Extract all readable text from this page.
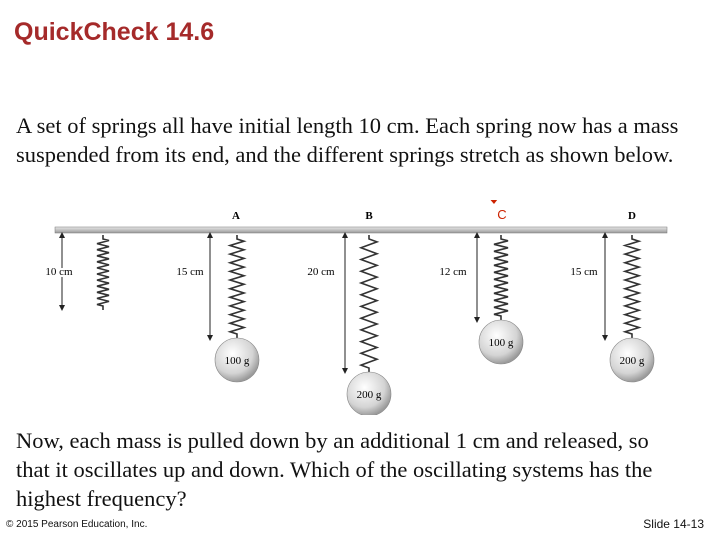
QuickCheck 14.6
A set of springs all have initial length 10 cm. Each spring now has a mass suspended from its end, and the different springs stretch as shown below.
A	B	D
C
10 cm	15 cm
100 g
20 cm
200 g
12 cm
100 g
15 cm
200 g
Now, each mass is pulled down by an additional 1 cm and released, so that it oscillates up and down. Which of the oscillating systems has the highest frequency?
© 2015 Pearson Education, Inc.	Slide 14-13
